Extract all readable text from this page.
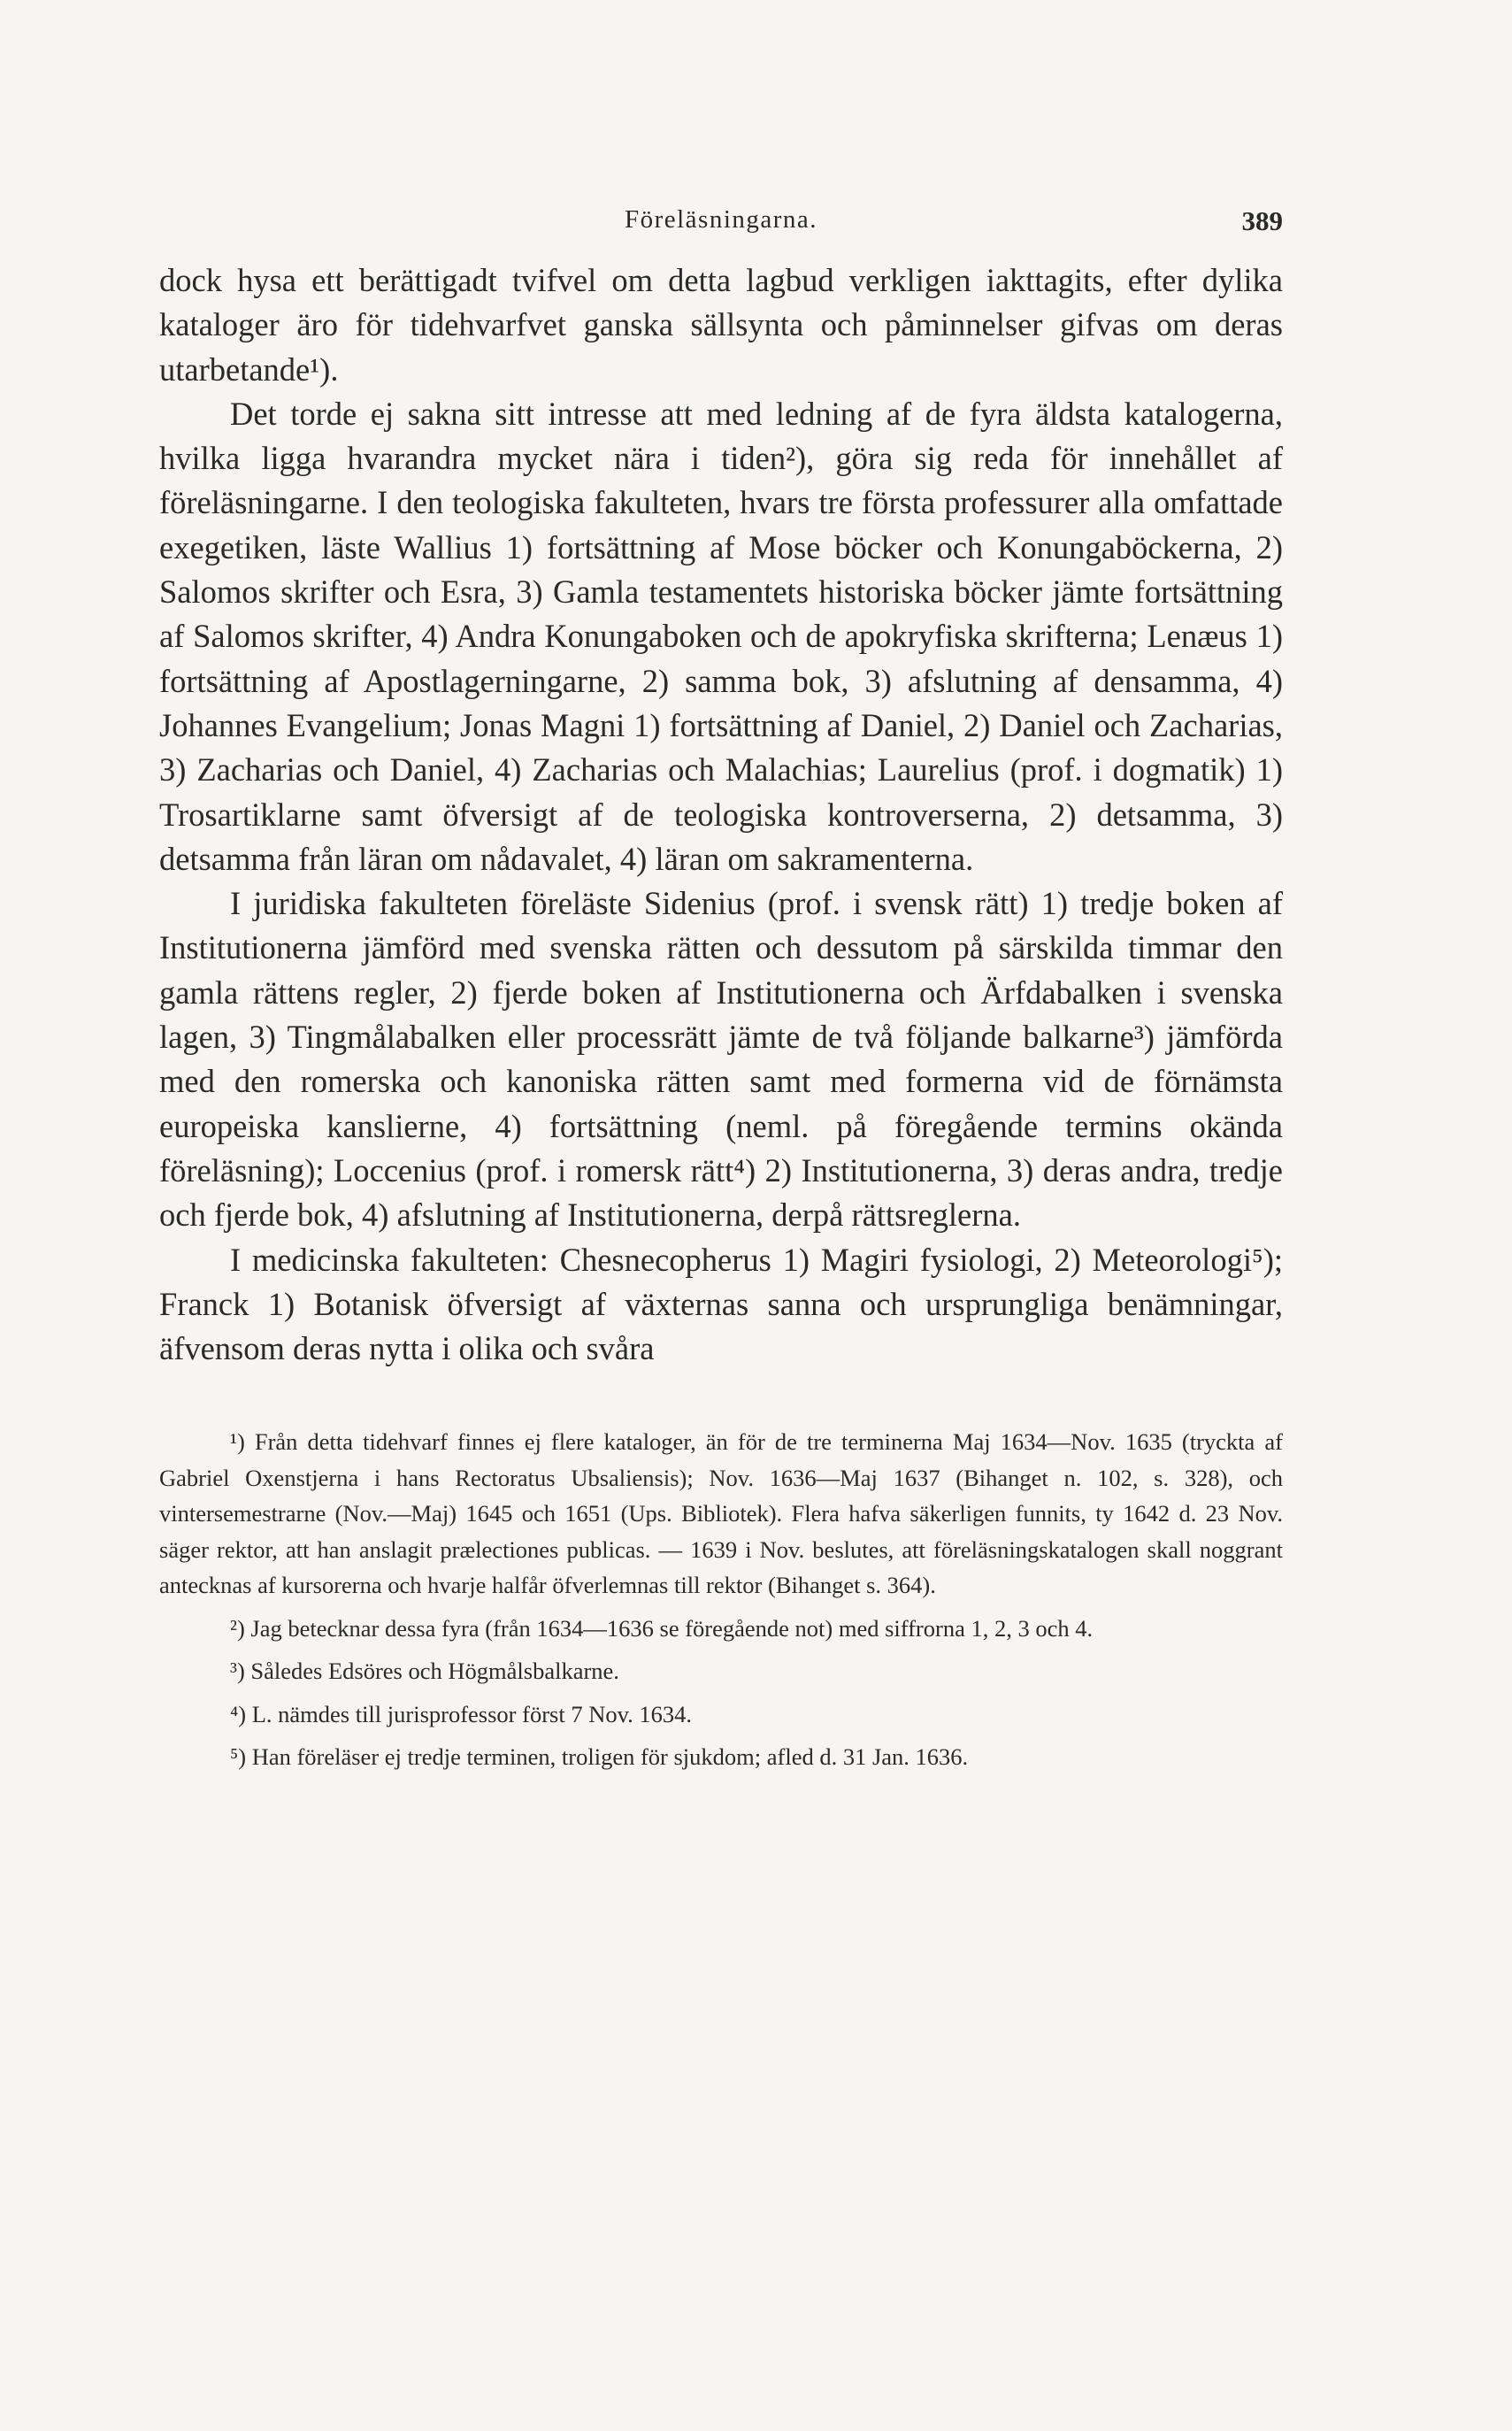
Föreläsningarna.	389

dock hysa ett berättigadt tvifvel om detta lagbud verkligen iakttagits, efter dylika kataloger äro för tidehvarfvet ganska sällsynta och påminnelser gifvas om deras utarbetande¹).

Det torde ej sakna sitt intresse att med ledning af de fyra äldsta katalogerna, hvilka ligga hvarandra mycket nära i tiden²), göra sig reda för innehållet af föreläsningarne. I den teologiska fakulteten, hvars tre första professurer alla omfattade exegetiken, läste Wallius 1) fortsättning af Mose böcker och Konungaböckerna, 2) Salomos skrifter och Esra, 3) Gamla testamentets historiska böcker jämte fortsättning af Salomos skrifter, 4) Andra Konungaboken och de apokryfiska skrifterna; Lenæus 1) fortsättning af Apostlagerningarne, 2) samma bok, 3) afslutning af densamma, 4) Johannes Evangelium; Jonas Magni 1) fortsättning af Daniel, 2) Daniel och Zacharias, 3) Zacharias och Daniel, 4) Zacharias och Malachias; Laurelius (prof. i dogmatik) 1) Trosartiklarne samt öfversigt af de teologiska kontroverserna, 2) detsamma, 3) detsamma från läran om nådavalet, 4) läran om sakramenterna.

I juridiska fakulteten föreläste Sidenius (prof. i svensk rätt) 1) tredje boken af Institutionerna jämförd med svenska rätten och dessutom på särskilda timmar den gamla rättens regler, 2) fjerde boken af Institutionerna och Ärfdabalken i svenska lagen, 3) Tingmålabalken eller processrätt jämte de två följande balkarne³) jämförda med den romerska och kanoniska rätten samt med formerna vid de förnämsta europeiska kanslierne, 4) fortsättning (neml. på föregående termins okända föreläsning); Loccenius (prof. i romersk rätt⁴) 2) Institutionerna, 3) deras andra, tredje och fjerde bok, 4) afslutning af Institutionerna, derpå rättsreglerna.

I medicinska fakulteten: Chesnecopherus 1) Magiri fysiologi, 2) Meteorologi⁵); Franck 1) Botanisk öfversigt af växternas sanna och ursprungliga benämningar, äfvensom deras nytta i olika och svåra

¹) Från detta tidehvarf finnes ej flere kataloger, än för de tre terminerna Maj 1634—Nov. 1635 (tryckta af Gabriel Oxenstjerna i hans Rectoratus Ubsaliensis); Nov. 1636—Maj 1637 (Bihanget n. 102, s. 328), och vintersemestrarne (Nov.—Maj) 1645 och 1651 (Ups. Bibliotek). Flera hafva säkerligen funnits, ty 1642 d. 23 Nov. säger rektor, att han anslagit prælectiones publicas. — 1639 i Nov. beslutes, att föreläsningskatalogen skall noggrant antecknas af kursorerna och hvarje halfår öfverlemnas till rektor (Bihanget s. 364).

²) Jag betecknar dessa fyra (från 1634—1636 se föregående not) med siffrorna 1, 2, 3 och 4.

³) Således Edsöres och Högmålsbalkarne.

⁴) L. nämdes till jurisprofessor först 7 Nov. 1634.

⁵) Han föreläser ej tredje terminen, troligen för sjukdom; afled d. 31 Jan. 1636.
